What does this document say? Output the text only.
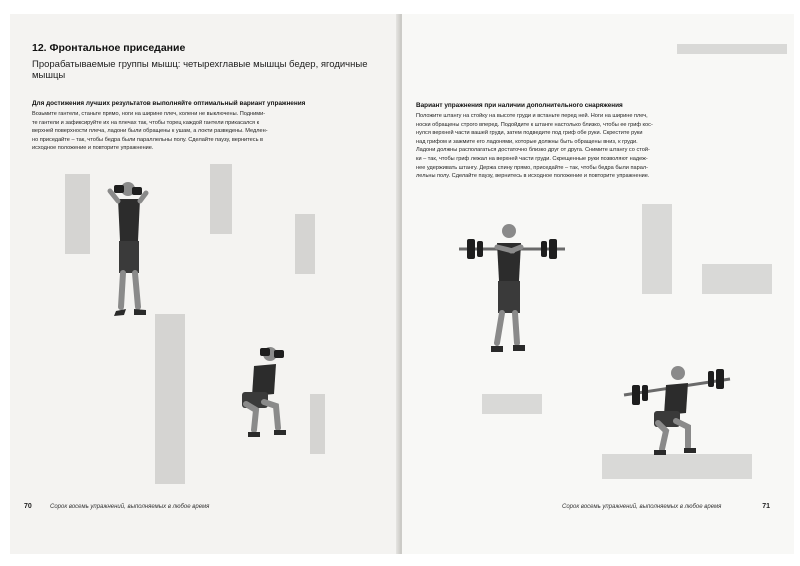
12. Фронтальное приседание
Прорабатываемые группы мышц: четырехглавые мышцы бедер, ягодичные мышцы
Для достижения лучших результатов выполняйте оптимальный вариант упражнения
Возьмите гантели, станьте прямо, ноги на ширине плеч, колени не выключены. Подними-
те гантели и зафиксируйте их на плечах так, чтобы торец каждой гантели прикасался к
верхней поверхности плеча, ладони были обращены к ушам, а локти разведены. Медлен-
но приседайте – так, чтобы бедра были параллельны полу. Сделайте паузу, вернитесь в
исходное положение и повторите упражнение.
70	Сорок восемь упражнений, выполняемых в любое время
Вариант упражнения при наличии дополнительного снаряжения
Положите штангу на стойку на высоте груди и встаньте перед ней. Ноги на ширине плеч,
носки обращены строго вперед. Подойдите к штанге настолько близко, чтобы ее гриф кос-
нулся верхней части вашей груди, затем подведите под гриф обе руки. Скрестите руки
над грифом и зажмите его ладонями, которые должны быть обращены вниз, к груди.
Ладони должны располагаться достаточно близко друг от друга. Снимите штангу со стой-
ки – так, чтобы гриф лежал на верхней части груди. Скрещенные руки позволяют надеж-
нее удерживать штангу. Держа спину прямо, приседайте – так, чтобы бедра были парал-
лельны полу. Сделайте паузу, вернитесь в исходное положение и повторите упражнение.
Сорок восемь упражнений, выполняемых в любое время	71
